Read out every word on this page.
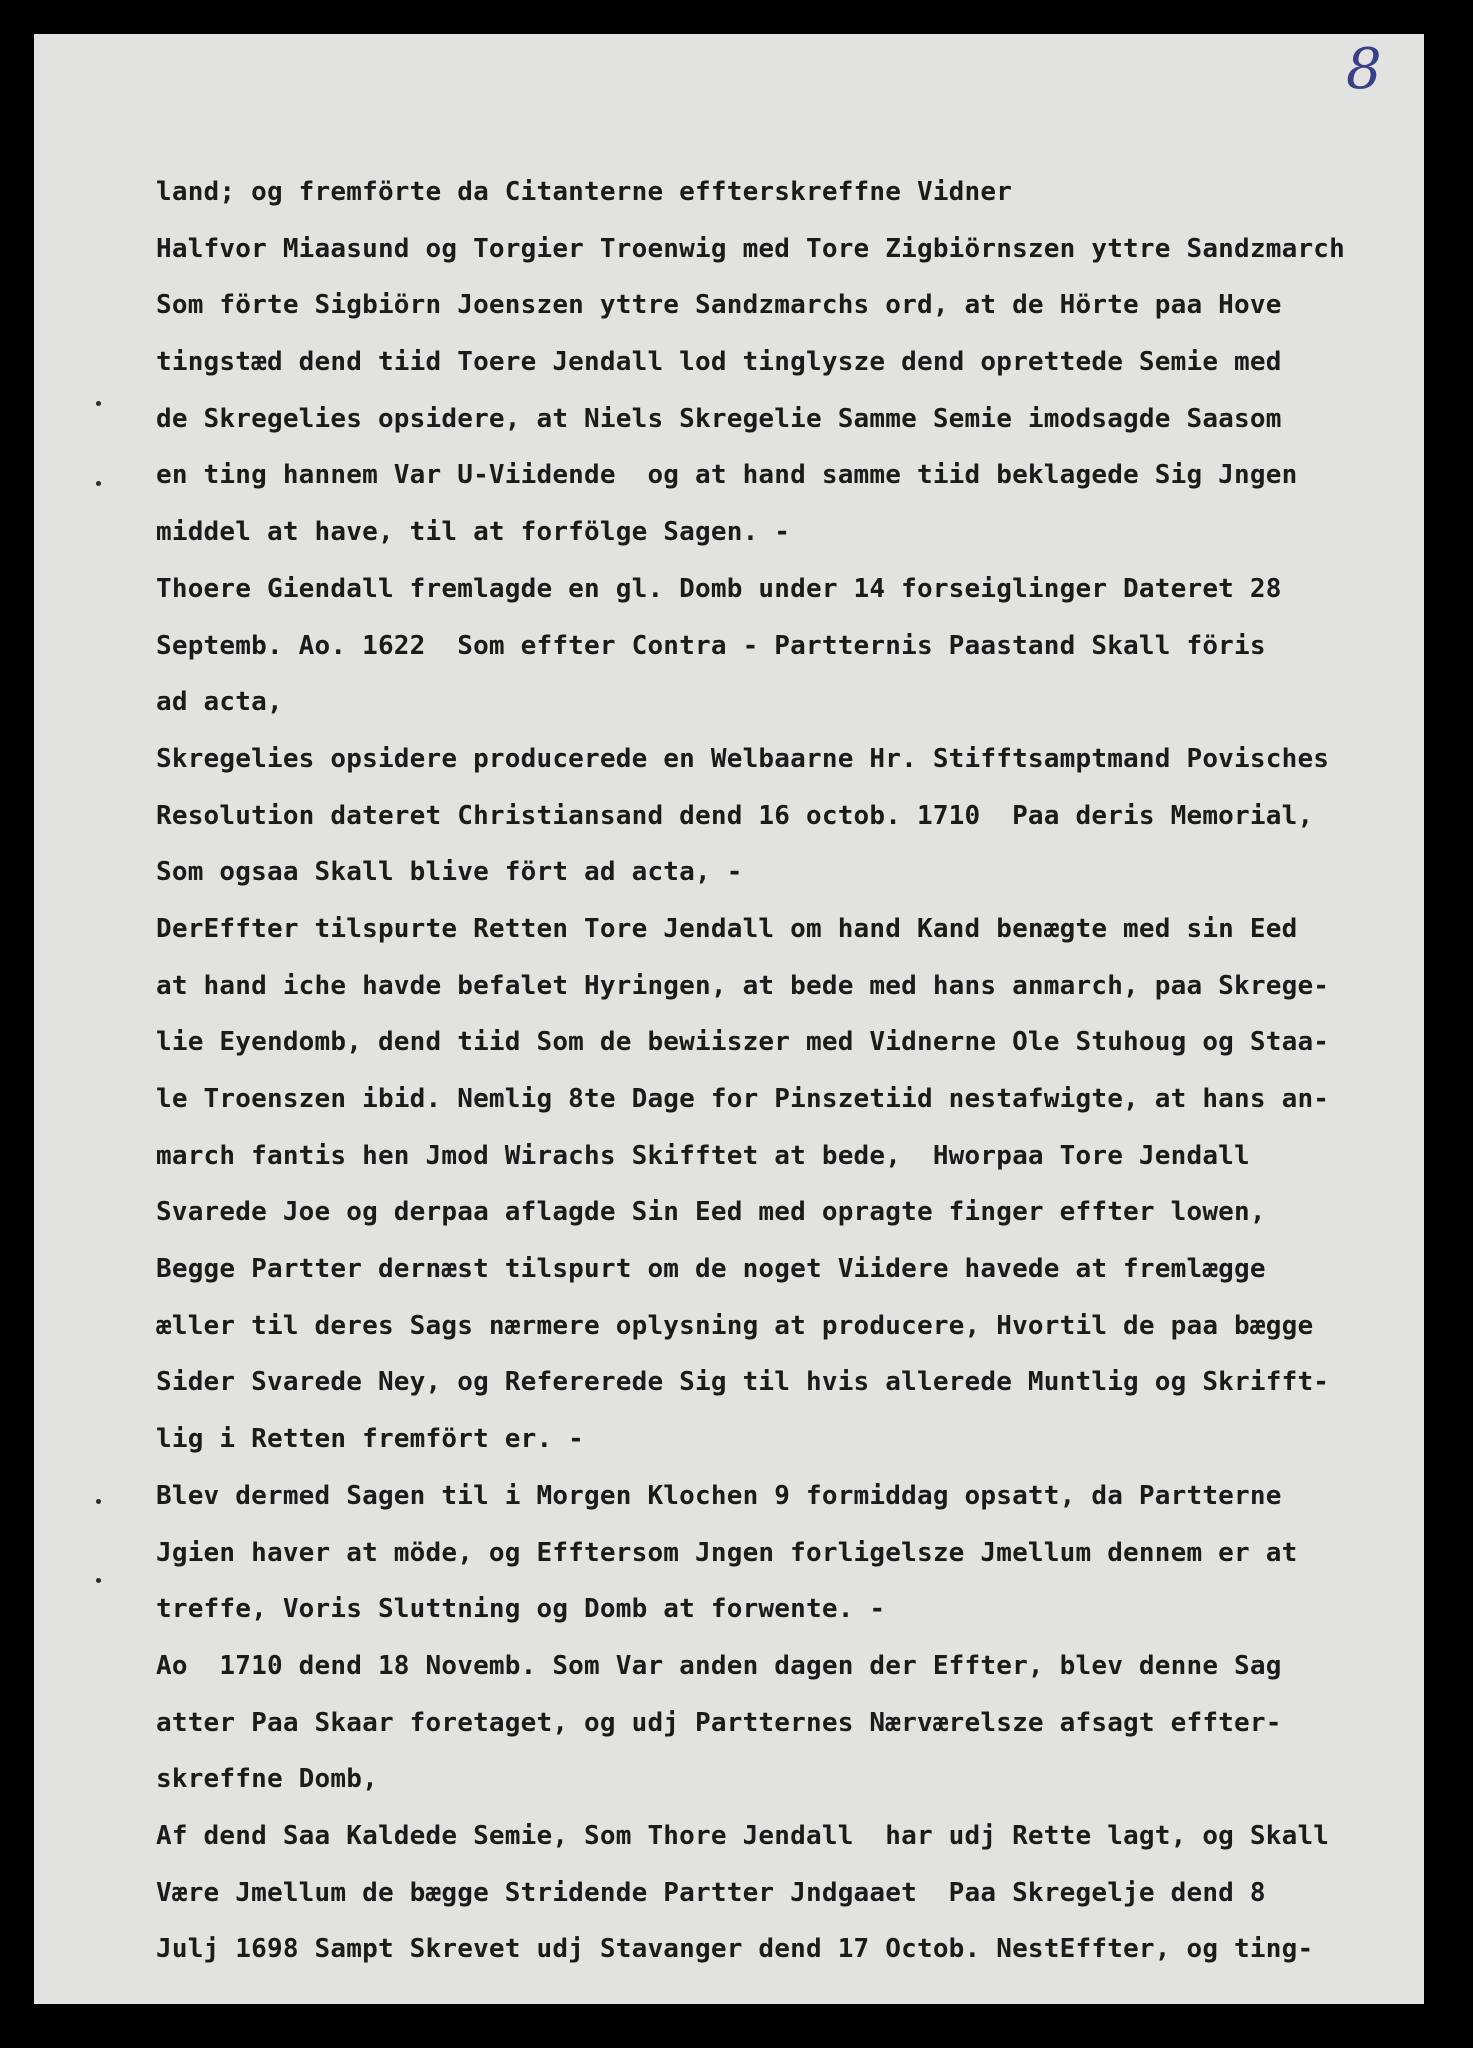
8
land; og fremförte da Citanterne effterskreffne Vidner
Halfvor Miaasund og Torgier Troenwig med Tore Zigbiörnszen yttre Sandzmarch
Som förte Sigbiörn Joenszen yttre Sandzmarchs ord, at de Hörte paa Hove
tingstæd dend tiid Toere Jendall lod tinglysze dend oprettede Semie med
de Skregelies opsidere, at Niels Skregelie Samme Semie imodsagde Saasom
en ting hannem Var U-Viidende  og at hand samme tiid beklagede Sig Jngen
middel at have, til at forfölge Sagen. -
Thoere Giendall fremlagde en gl. Domb under 14 forseiglinger Dateret 28
Septemb. Ao. 1622  Som effter Contra - Partternis Paastand Skall föris
ad acta,
Skregelies opsidere producerede en Welbaarne Hr. Stifftsamptmand Povisches
Resolution dateret Christiansand dend 16 octob. 1710  Paa deris Memorial,
Som ogsaa Skall blive fört ad acta, -
DerEffter tilspurte Retten Tore Jendall om hand Kand benægte med sin Eed
at hand iche havde befalet Hyringen, at bede med hans anmarch, paa Skrege-
lie Eyendomb, dend tiid Som de bewiiszer med Vidnerne Ole Stuhoug og Staa-
le Troenszen ibid. Nemlig 8te Dage for Pinszetiid nestafwigte, at hans an-
march fantis hen Jmod Wirachs Skifftet at bede,  Hworpaa Tore Jendall
Svarede Joe og derpaa aflagde Sin Eed med opragte finger effter lowen,
Begge Partter dernæst tilspurt om de noget Viidere havede at fremlægge
æller til deres Sags nærmere oplysning at producere, Hvortil de paa bægge
Sider Svarede Ney, og Refererede Sig til hvis allerede Muntlig og Skrifft-
lig i Retten fremfört er. -
Blev dermed Sagen til i Morgen Klochen 9 formiddag opsatt, da Partterne
Jgien haver at möde, og Efftersom Jngen forligelsze Jmellum dennem er at
treffe, Voris Sluttning og Domb at forwente. -
Ao  1710 dend 18 Novemb. Som Var anden dagen der Effter, blev denne Sag
atter Paa Skaar foretaget, og udj Partternes Nærværelsze afsagt effter-
skreffne Domb,
Af dend Saa Kaldede Semie, Som Thore Jendall  har udj Rette lagt, og Skall
Være Jmellum de bægge Stridende Partter Jndgaaet  Paa Skregelje dend 8
Julj 1698 Sampt Skrevet udj Stavanger dend 17 Octob. NestEffter, og ting-
